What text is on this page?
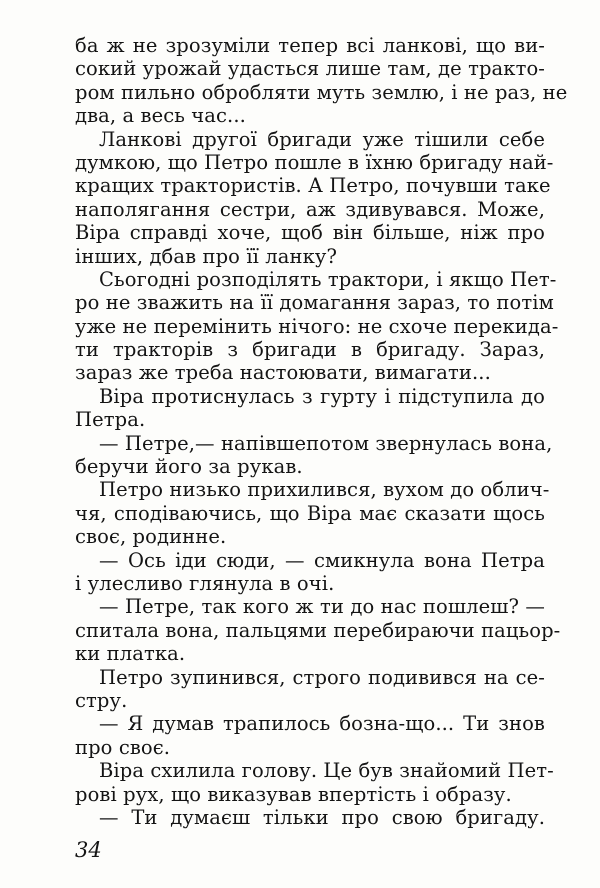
ба ж не зрозуміли тепер всі ланкові, що ви-
сокий урожай удасться лише там, де тракто-
ром пильно обробляти муть землю, і не раз, не
два, а весь час...
Ланкові другої бригади уже тішили себе
думкою, що Петро пошле в їхню бригаду най-
кращих трактористів. А Петро, почувши таке
наполягання сестри, аж здивувався. Може,
Віра справді хоче, щоб він більше, ніж про
інших, дбав про її ланку?
Сьогодні розподілять трактори, і якщо Пет-
ро не зважить на її домагання зараз, то потім
уже не перемінить нічого: не схоче перекида-
ти тракторів з бригади в бригаду. Зараз,
зараз же треба настоювати, вимагати...
Віра протиснулась з гурту і підступила до
Петра.
— Петре,— напівшепотом звернулась вона,
беручи його за рукав.
Петро низько прихилився, вухом до облич-
чя, сподіваючись, що Віра має сказати щось
своє, родинне.
— Ось іди сюди, — смикнула вона Петра
і улесливо глянула в очі.
— Петре, так кого ж ти до нас пошлеш? —
спитала вона, пальцями перебираючи пацьор-
ки платка.
Петро зупинився, строго подивився на се-
стру.
— Я думав трапилось бозна-що... Ти знов
про своє.
Віра схилила голову. Це був знайомий Пет-
рові рух, що виказував впертість і образу.
— Ти думаєш тільки про свою бригаду.
34
